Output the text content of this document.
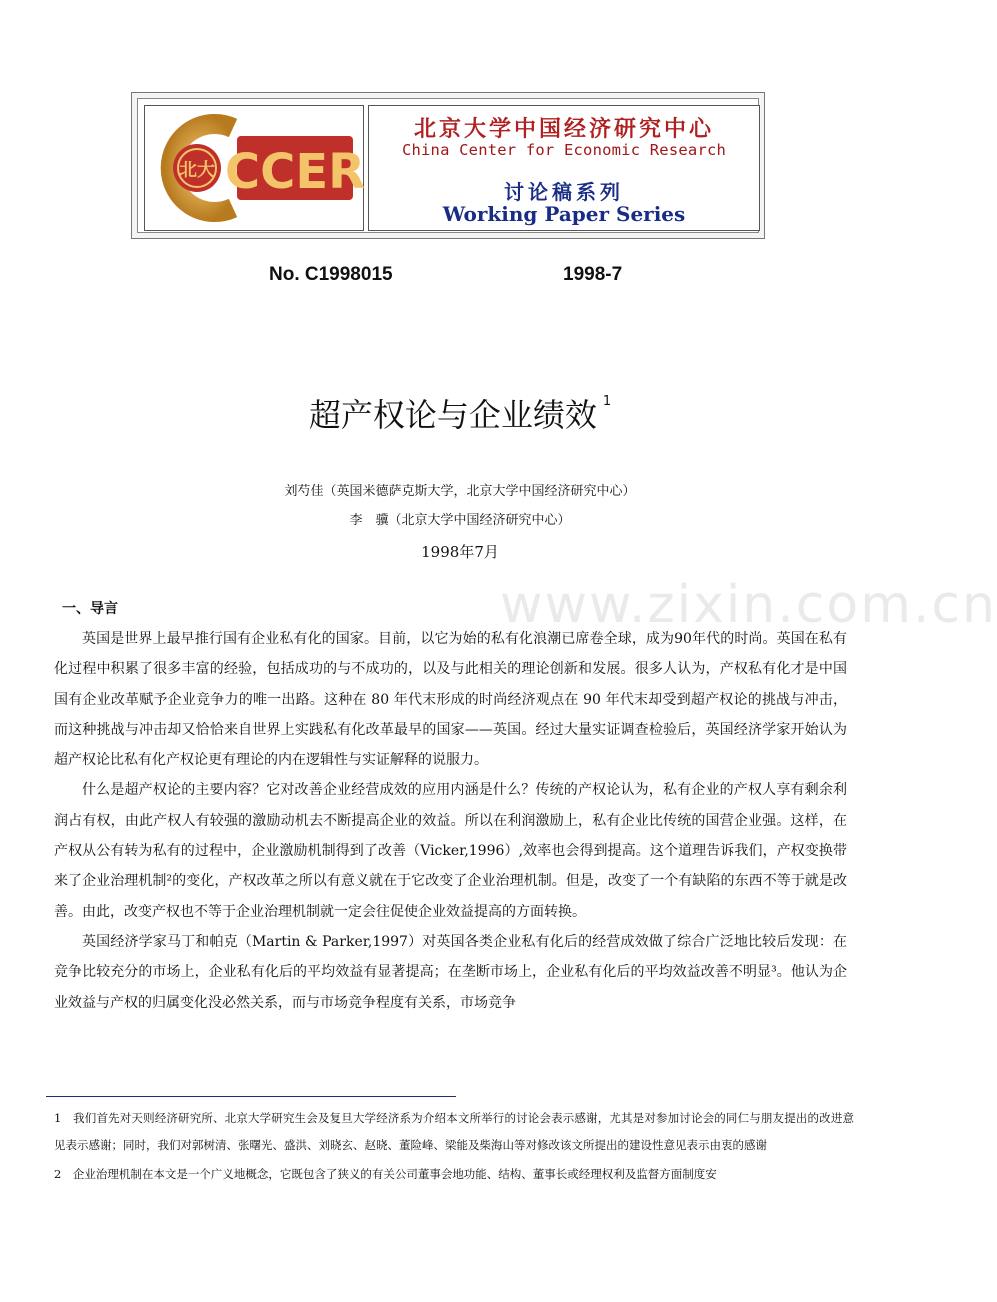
北大 CCER
北京大学中国经济研究中心
China Center for Economic Research
讨论稿系列
Working Paper Series
No. C1998015	1998-7
超产权论与企业绩效 $^1$
刘芍佳（英国米德萨克斯大学，北京大学中国经济研究中心）
李　骥（北京大学中国经济研究中心）
1998年7月
www.zixin.com.cn
一、导言

英国是世界上最早推行国有企业私有化的国家。目前，以它为始的私有化浪潮已席卷全球，成为90年代的时尚。英国在私有化过程中积累了很多丰富的经验，包括成功的与不成功的，以及与此相关的理论创新和发展。很多人认为，产权私有化才是中国国有企业改革赋予企业竞争力的唯一出路。这种在 80 年代末形成的时尚经济观点在 90 年代末却受到超产权论的挑战与冲击，而这种挑战与冲击却又恰恰来自世界上实践私有化改革最早的国家——英国。经过大量实证调查检验后，英国经济学家开始认为超产权论比私有化产权论更有理论的内在逻辑性与实证解释的说服力。

什么是超产权论的主要内容？它对改善企业经营成效的应用内涵是什么？传统的产权论认为，私有企业的产权人享有剩余利润占有权，由此产权人有较强的激励动机去不断提高企业的效益。所以在利润激励上，私有企业比传统的国营企业强。这样，在产权从公有转为私有的过程中，企业激励机制得到了改善（Vicker,1996）,效率也会得到提高。这个道理告诉我们，产权变换带来了企业治理机制²的变化，产权改革之所以有意义就在于它改变了企业治理机制。但是，改变了一个有缺陷的东西不等于就是改善。由此，改变产权也不等于企业治理机制就一定会往促使企业效益提高的方面转换。

英国经济学家马丁和帕克（Martin & Parker,1997）对英国各类企业私有化后的经营成效做了综合广泛地比较后发现：在竞争比较充分的市场上，企业私有化后的平均效益有显著提高；在垄断市场上，企业私有化后的平均效益改善不明显³。他认为企业效益与产权的归属变化没必然关系，而与市场竞争程度有关系，市场竞争

1　我们首先对天则经济研究所、北京大学研究生会及复旦大学经济系为介绍本文所举行的讨论会表示感谢，尤其是对参加讨论会的同仁与朋友提出的改进意见表示感谢；同时，我们对郭树清、张曙光、盛洪、刘晓玄、赵晓、董险峰、梁能及柴海山等对修改该文所提出的建设性意见表示由衷的感谢

2　企业治理机制在本文是一个广义地概念，它既包含了狭义的有关公司董事会地功能、结构、董事长或经理权利及监督方面制度安
